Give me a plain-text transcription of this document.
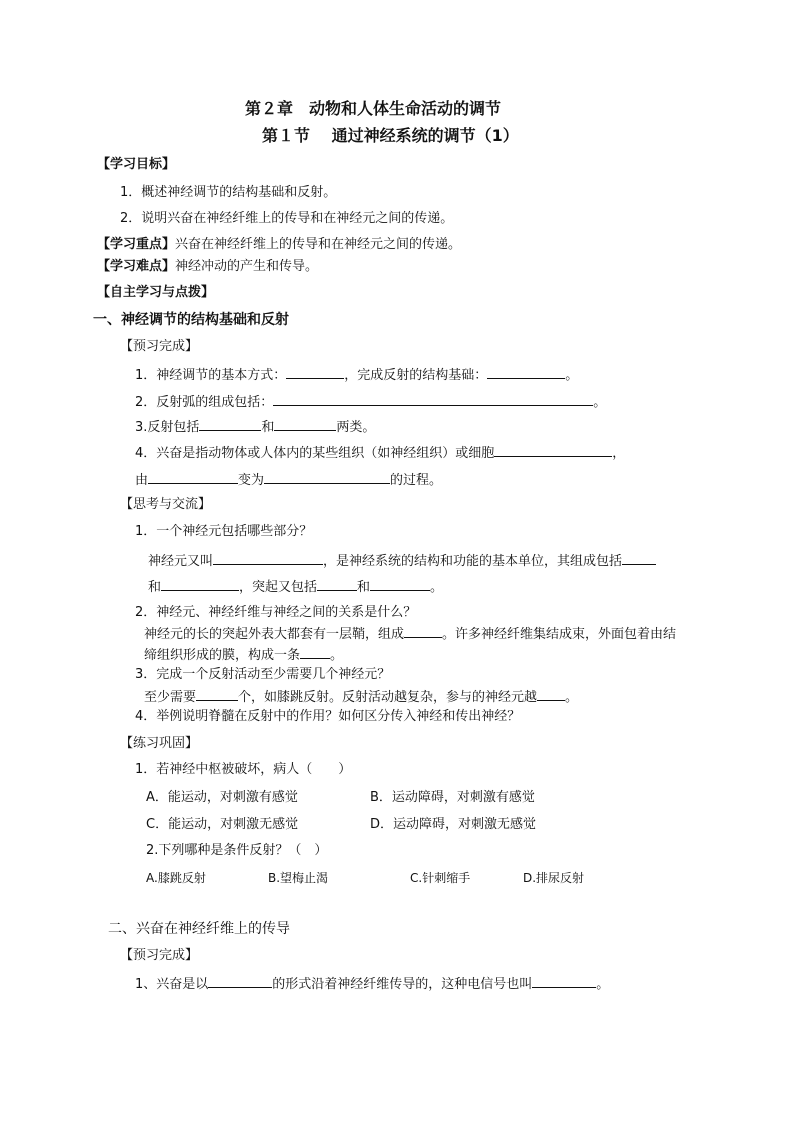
第２章　动物和人体生命活动的调节
第１节　 通过神经系统的调节（1）
【学习目标】
1．概述神经调节的结构基础和反射。
2．说明兴奋在神经纤维上的传导和在神经元之间的传递。
【学习重点】兴奋在神经纤维上的传导和在神经元之间的传递。
【学习难点】神经冲动的产生和传导。
【自主学习与点拨】
一、神经调节的结构基础和反射
【预习完成】
1．神经调节的基本方式：	，完成反射的结构基础：	。
2．反射弧的组成包括：	。
3.反射包括	和	两类。
4．兴奋是指动物体或人体内的某些组织（如神经组织）或细胞	，
由	变为	的过程。
【思考与交流】
1．一个神经元包括哪些部分？
神经元又叫	，是神经系统的结构和功能的基本单位，其组成包括
和	，突起又包括	和	。
2．神经元、神经纤维与神经之间的关系是什么？
神经元的长的突起外表大都套有一层鞘，组成	。许多神经纤维集结成束，外面包着由结
缔组织形成的膜，构成一条 。
3．完成一个反射活动至少需要几个神经元？
至少需要	个，如膝跳反射。反射活动越复杂，参与的神经元越 。
4．举例说明脊髓在反射中的作用？如何区分传入神经和传出神经？
【练习巩固】
1．若神经中枢被破坏，病人（　　）
A．能运动，对刺激有感觉	B．运动障碍，对刺激有感觉
C．能运动，对刺激无感觉	D．运动障碍，对刺激无感觉
2.下列哪种是条件反射？（　）
A.膝跳反射	B.望梅止渴	C.针刺缩手	D.排尿反射
二、兴奋在神经纤维上的传导
【预习完成】
1、兴奋是以	的形式沿着神经纤维传导的，这种电信号也叫	。
